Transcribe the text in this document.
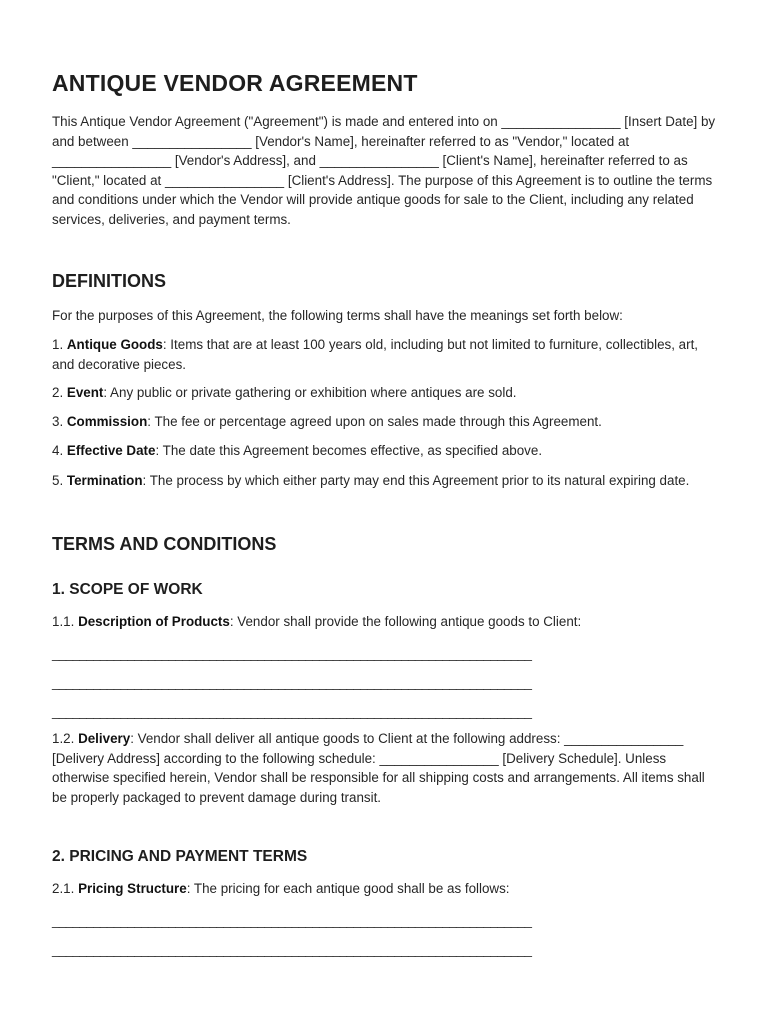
ANTIQUE VENDOR AGREEMENT

This Antique Vendor Agreement ("Agreement") is made and entered into on ________________ [Insert Date] by and between ________________ [Vendor's Name], hereinafter referred to as "Vendor," located at ________________ [Vendor's Address], and ________________ [Client's Name], hereinafter referred to as "Client," located at ________________ [Client's Address]. The purpose of this Agreement is to outline the terms and conditions under which the Vendor will provide antique goods for sale to the Client, including any related services, deliveries, and payment terms.

DEFINITIONS

For the purposes of this Agreement, the following terms shall have the meanings set forth below:

1. Antique Goods: Items that are at least 100 years old, including but not limited to furniture, collectibles, art, and decorative pieces.

2. Event: Any public or private gathering or exhibition where antiques are sold.

3. Commission: The fee or percentage agreed upon on sales made through this Agreement.

4. Effective Date: The date this Agreement becomes effective, as specified above.

5. Termination: The process by which either party may end this Agreement prior to its natural expiring date.

TERMS AND CONDITIONS
1. SCOPE OF WORK

1.1. Description of Products: Vendor shall provide the following antique goods to Client:

______________________________________________________________________
______________________________________________________________________
______________________________________________________________________

1.2. Delivery: Vendor shall deliver all antique goods to Client at the following address: ________________ [Delivery Address] according to the following schedule: ________________ [Delivery Schedule]. Unless otherwise specified herein, Vendor shall be responsible for all shipping costs and arrangements. All items shall be properly packaged to prevent damage during transit.

2. PRICING AND PAYMENT TERMS

2.1. Pricing Structure: The pricing for each antique good shall be as follows:

______________________________________________________________________
______________________________________________________________________
